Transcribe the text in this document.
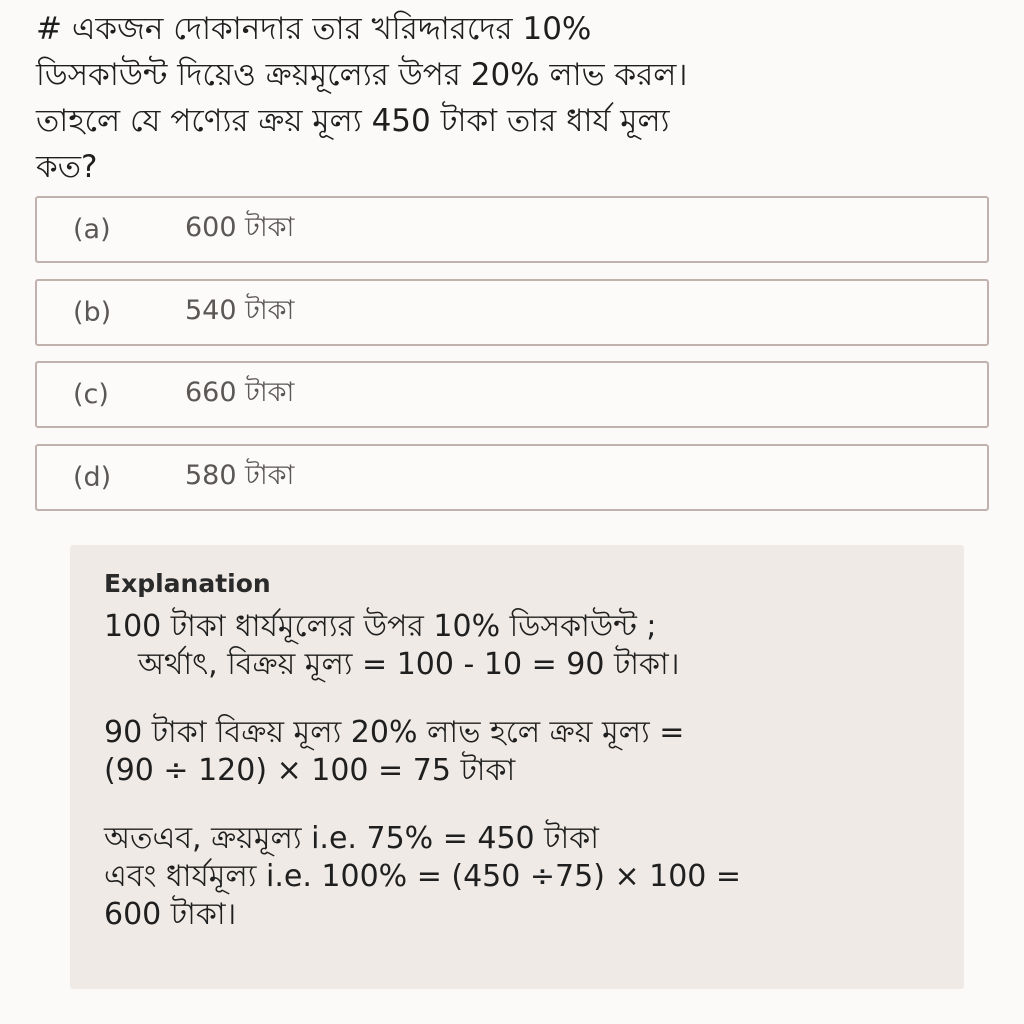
# একজন দোকানদার তার খরিদ্দারদের 10%
ডিসকাউন্ট দিয়েও ক্রয়মূল্যের উপর 20% লাভ করল।
তাহলে যে পণ্যের ক্রয় মূল্য 450 টাকা তার ধার্য মূল্য
কত?

(a)	600 টাকা
(b)	540 টাকা
(c)	660 টাকা
(d)	580 টাকা
Explanation

100 টাকা ধার্যমূল্যের উপর 10% ডিসকাউন্ট ;
অর্থাৎ, বিক্রয় মূল্য = 100 - 10 = 90 টাকা।

90 টাকা বিক্রয় মূল্য 20% লাভ হলে ক্রয় মূল্য =
(90 ÷ 120) × 100 = 75 টাকা

অতএব, ক্রয়মূল্য i.e. 75% = 450 টাকা
এবং ধার্যমূল্য i.e. 100% = (450 ÷75) × 100 =
600 টাকা।
